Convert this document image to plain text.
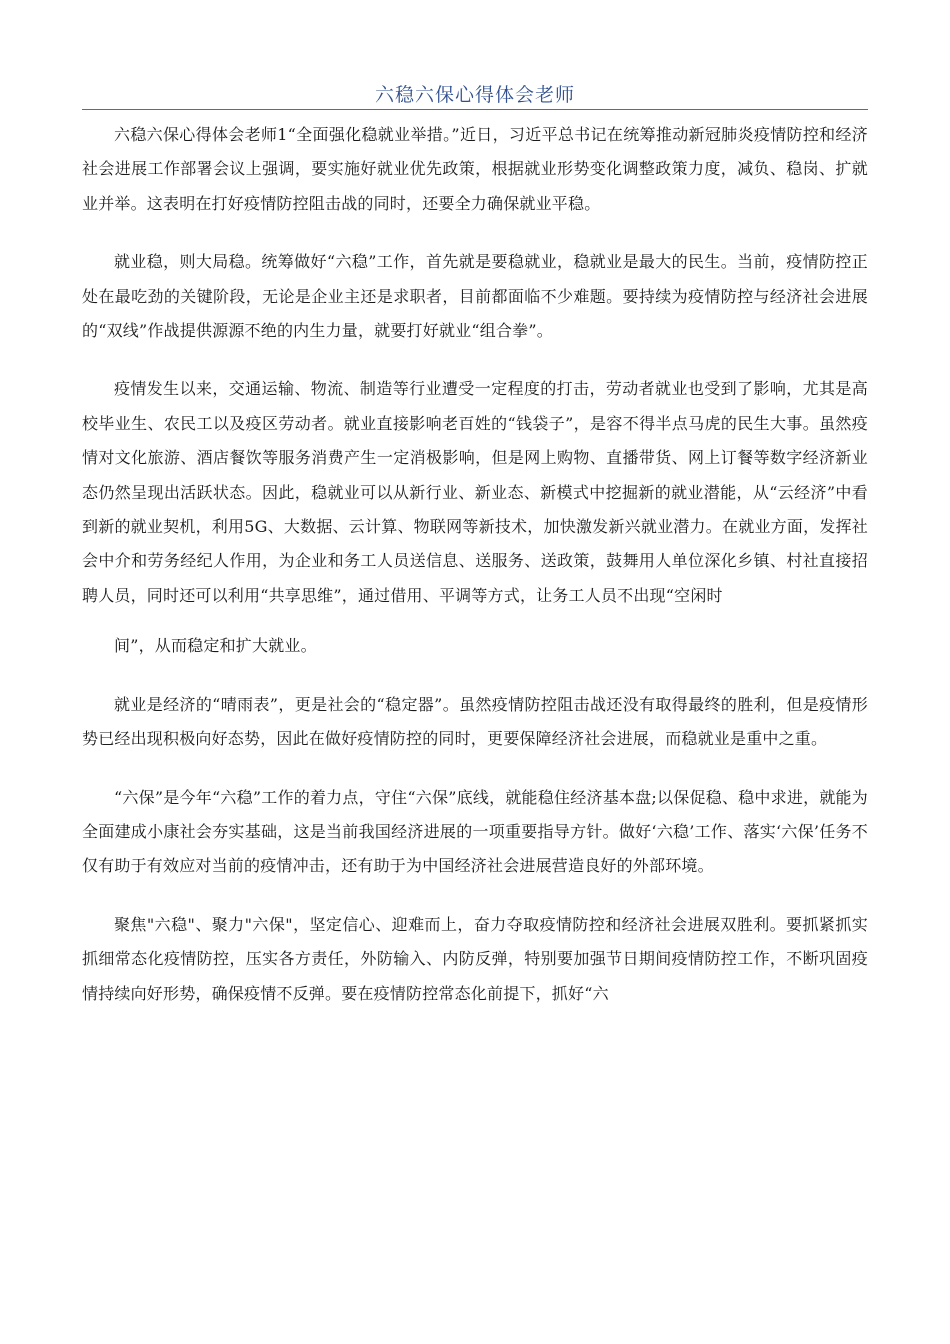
六稳六保心得体会老师

六稳六保心得体会老师1“全面强化稳就业举措。”近日，习近平总书记在统筹推动新冠肺炎疫情防控和经济社会进展工作部署会议上强调，要实施好就业优先政策，根据就业形势变化调整政策力度，减负、稳岗、扩就业并举。这表明在打好疫情防控阻击战的同时，还要全力确保就业平稳。

就业稳，则大局稳。统筹做好“六稳”工作，首先就是要稳就业，稳就业是最大的民生。当前，疫情防控正处在最吃劲的关键阶段，无论是企业主还是求职者，目前都面临不少难题。要持续为疫情防控与经济社会进展的“双线”作战提供源源不绝的内生力量，就要打好就业“组合拳”。

疫情发生以来，交通运输、物流、制造等行业遭受一定程度的打击，劳动者就业也受到了影响，尤其是高校毕业生、农民工以及疫区劳动者。就业直接影响老百姓的“钱袋子”，是容不得半点马虎的民生大事。虽然疫情对文化旅游、酒店餐饮等服务消费产生一定消极影响，但是网上购物、直播带货、网上订餐等数字经济新业态仍然呈现出活跃状态。因此，稳就业可以从新行业、新业态、新模式中挖掘新的就业潜能，从“云经济”中看到新的就业契机，利用5G、大数据、云计算、物联网等新技术，加快激发新兴就业潜力。在就业方面，发挥社会中介和劳务经纪人作用，为企业和务工人员送信息、送服务、送政策，鼓舞用人单位深化乡镇、村社直接招聘人员，同时还可以利用“共享思维”，通过借用、平调等方式，让务工人员不出现“空闲时

间”，从而稳定和扩大就业。

就业是经济的“晴雨表”，更是社会的“稳定器”。虽然疫情防控阻击战还没有取得最终的胜利，但是疫情形势已经出现积极向好态势，因此在做好疫情防控的同时，更要保障经济社会进展，而稳就业是重中之重。

“六保”是今年“六稳”工作的着力点，守住“六保”底线，就能稳住经济基本盘;以保促稳、稳中求进，就能为全面建成小康社会夯实基础，这是当前我国经济进展的一项重要指导方针。做好‘六稳’工作、落实‘六保’任务不仅有助于有效应对当前的疫情冲击，还有助于为中国经济社会进展营造良好的外部环境。

聚焦"六稳"、聚力"六保"，坚定信心、迎难而上，奋力夺取疫情防控和经济社会进展双胜利。要抓紧抓实抓细常态化疫情防控，压实各方责任，外防输入、内防反弹，特别要加强节日期间疫情防控工作，不断巩固疫情持续向好形势，确保疫情不反弹。要在疫情防控常态化前提下，抓好“六
